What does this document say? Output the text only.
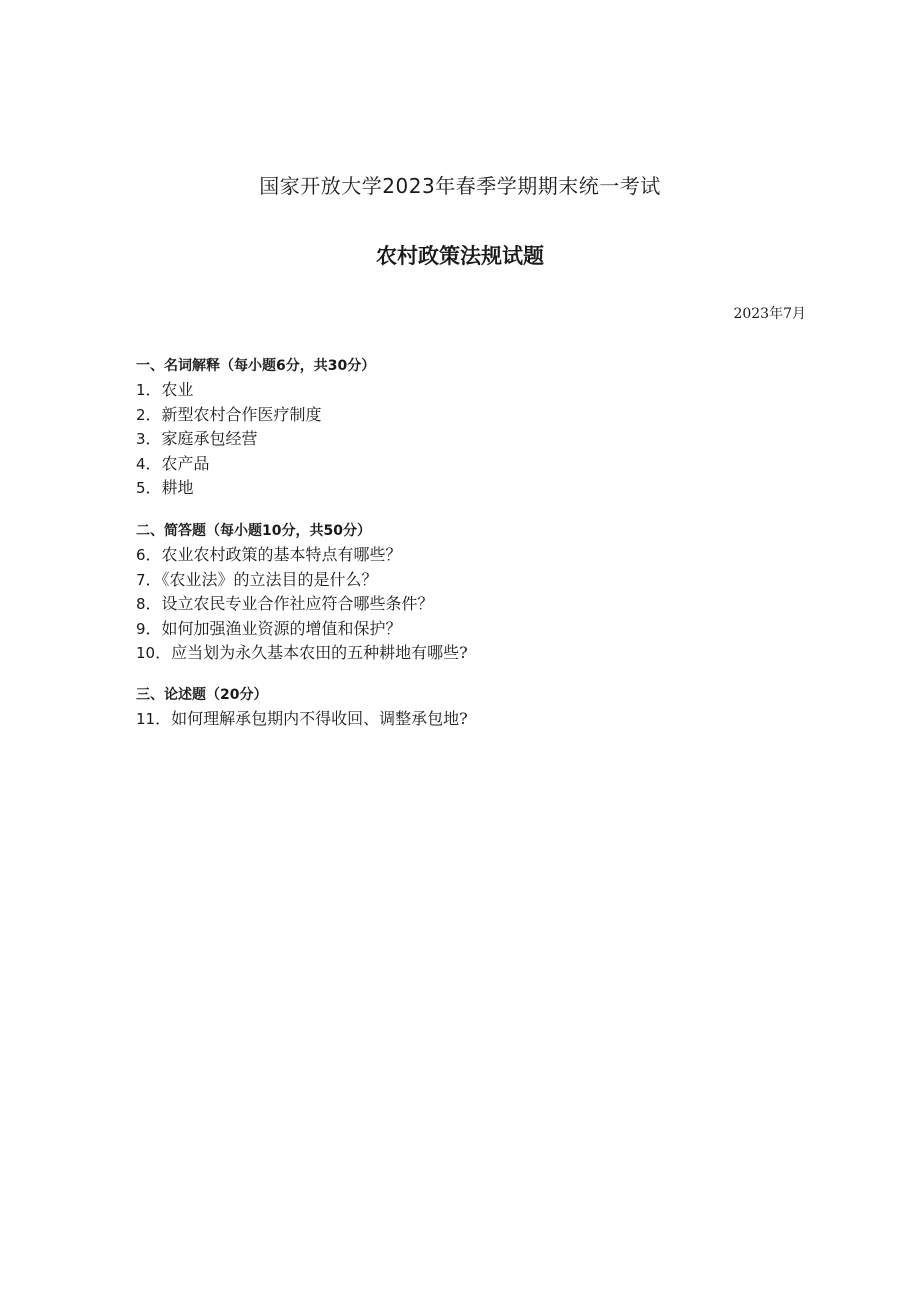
国家开放大学2023年春季学期期末统一考试
农村政策法规试题
2023年7月
一、名词解释（每小题6分，共30分）
1．农业
2．新型农村合作医疗制度
3．家庭承包经营
4．农产品
5．耕地
二、简答题（每小题10分，共50分）
6．农业农村政策的基本特点有哪些？
7．《农业法》的立法目的是什么？
8．设立农民专业合作社应符合哪些条件？
9．如何加强渔业资源的增值和保护？
10．应当划为永久基本农田的五种耕地有哪些?
三、论述题（20分）
11．如何理解承包期内不得收回、调整承包地?
